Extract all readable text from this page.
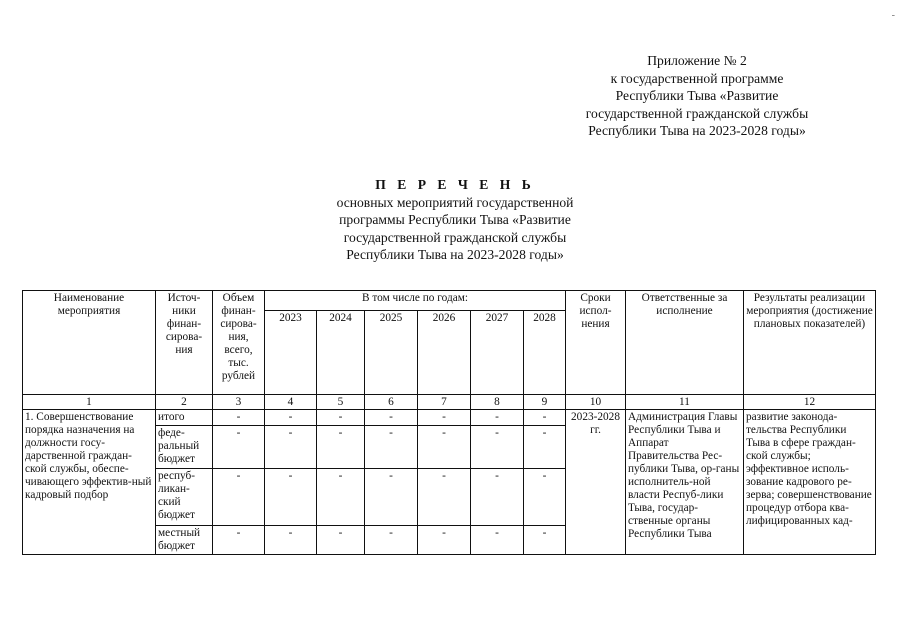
-
Приложение № 2
к государственной программе
Республики Тыва «Развитие
государственной гражданской службы
Республики Тыва на 2023-2028 годы»
П Е Р Е Ч Е Н Ь
основных мероприятий государственной
программы Республики Тыва «Развитие
государственной гражданской службы
Республики Тыва на 2023-2028 годы»
Наименование мероприятия	Источ-ники финан-сирова-ния	Объем финан-сирова-ния, всего, тыс. рублей	В том числе по годам:						Сроки испол-нения	Ответственные за исполнение	Результаты реализации мероприятия (достижение плановых показателей)
			2023	2024	2025	2026	2027	2028			
1	2	3	4	5	6	7	8	9	10	11	12
1. Совершенствование порядка назначения на должности госу-дарственной граждан-ской службы, обеспе-чивающего эффектив-ный кадровый подбор	итого	-	-	-	-	-	-	-	2023-2028 гг.	Администрация Главы Республики Тыва и Аппарат Правительства Рес-публики Тыва, ор-ганы исполнитель-ной власти Респуб-лики Тыва, государ-ственные органы Республики Тыва	развитие законода-тельства Республики Тыва в сфере граждан-ской службы; эффективное исполь-зование кадрового ре-зерва; совершенствование процедур отбора ква-лифицированных кад-
	феде-ральный бюджет	-	-	-	-	-	-	-			
	респуб-ликан-ский бюджет	-	-	-	-	-	-	-			
	местный бюджет	-	-	-	-	-	-	-			
